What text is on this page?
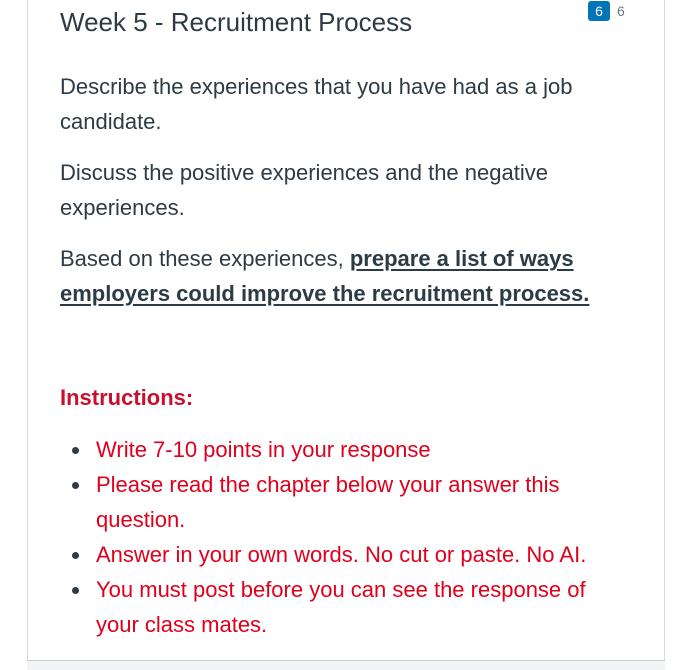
Week 5 - Recruitment Process	6	6

Describe the experiences that you have had as a job candidate.

Discuss the positive experiences and the negative experiences.

Based on these experiences, prepare a list of ways employers could improve the recruitment process.

Instructions:
Write 7-10 points in your response
Please read the chapter below your answer this question.
Answer in your own words. No cut or paste. No AI.
You must post before you can see the response of your class mates.
